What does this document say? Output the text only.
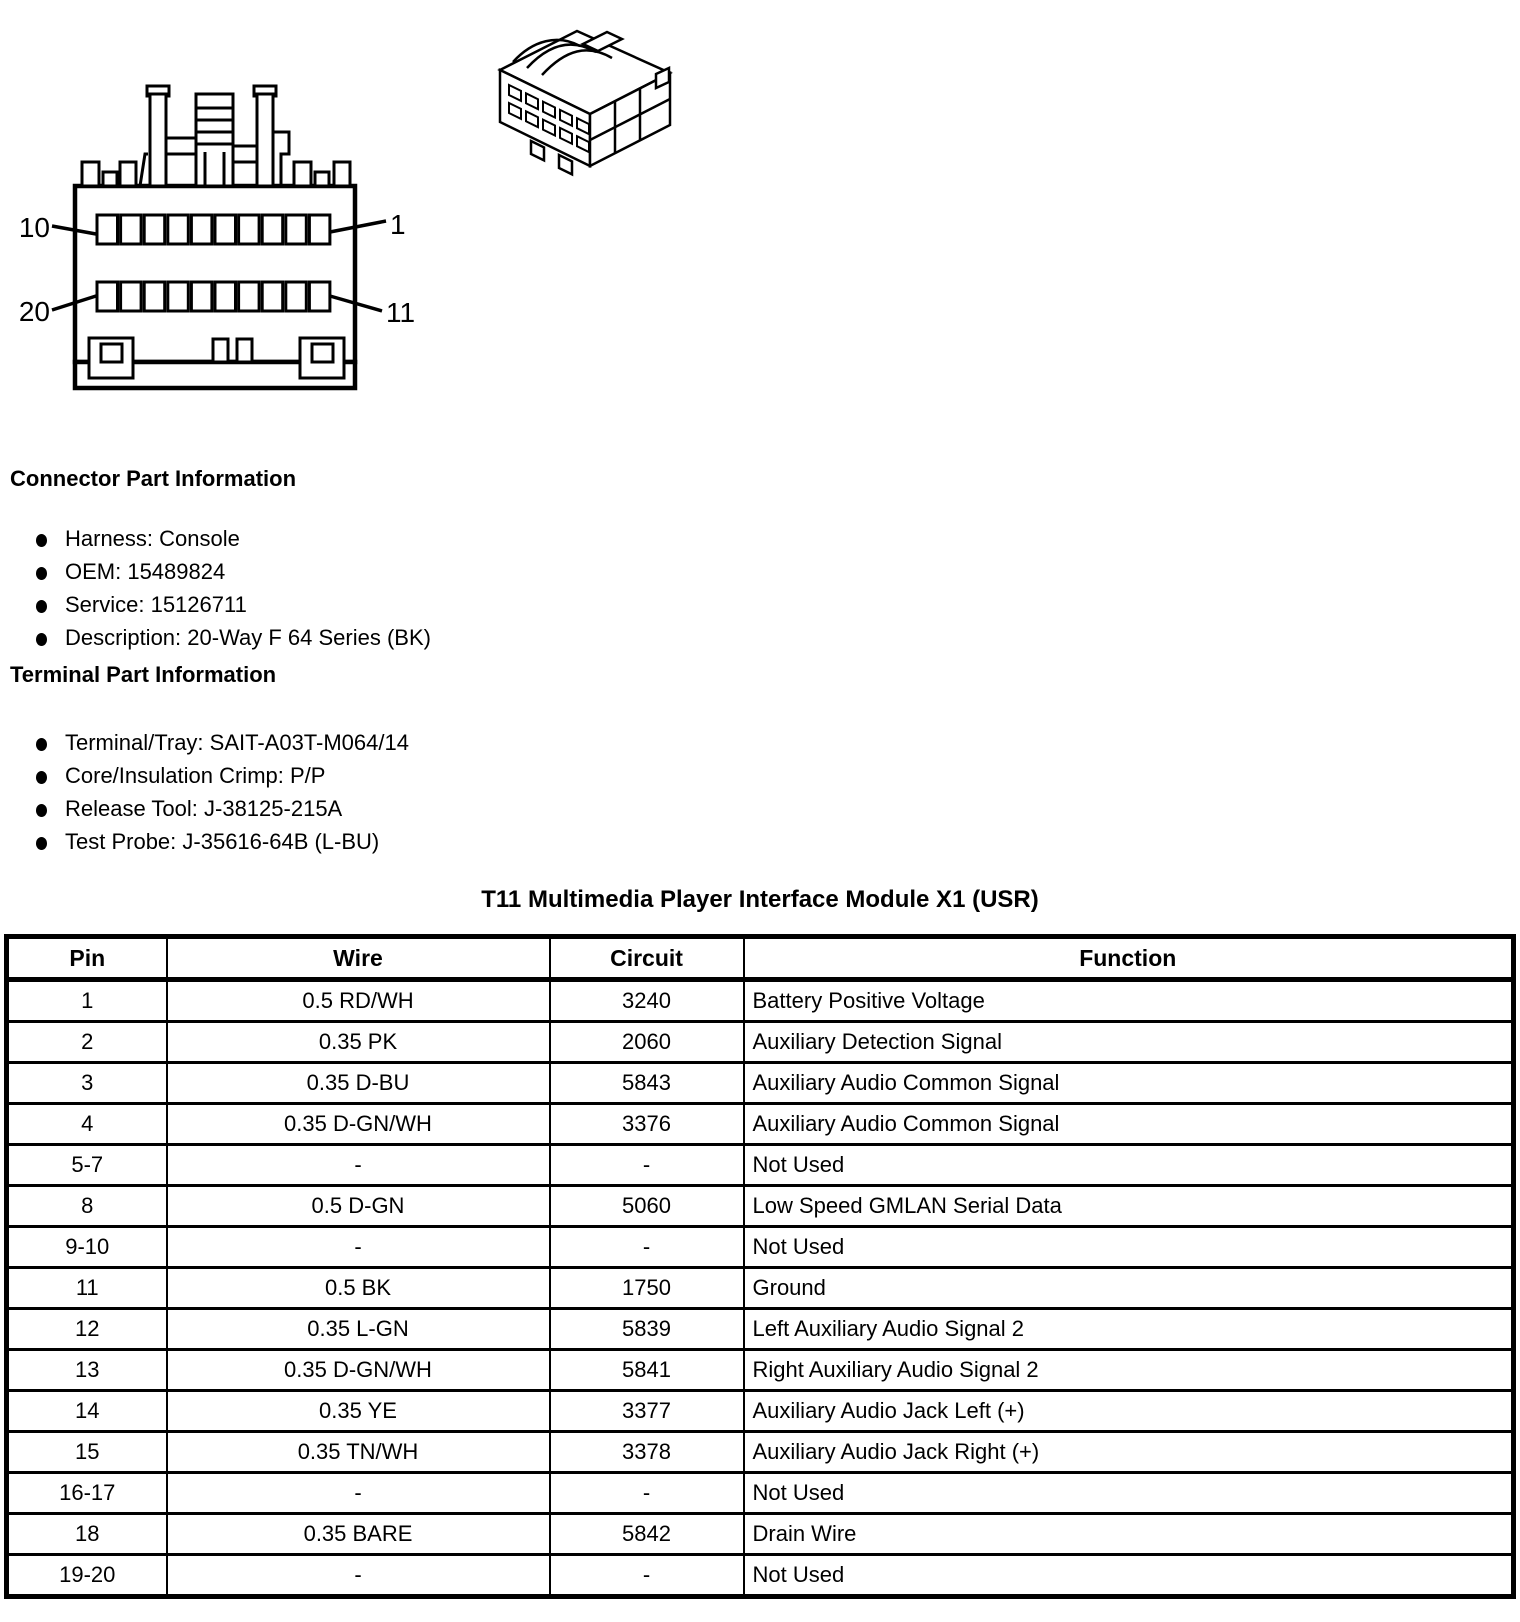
10	1
20	11
Connector Part Information
Harness: Console
OEM: 15489824
Service: 15126711
Description: 20-Way F 64 Series (BK)
Terminal Part Information
Terminal/Tray: SAIT-A03T-M064/14
Core/Insulation Crimp: P/P
Release Tool: J-38125-215A
Test Probe: J-35616-64B (L-BU)
T11 Multimedia Player Interface Module X1 (USR)
Pin	Wire	Circuit	Function
1	0.5 RD/WH	3240	Battery Positive Voltage
2	0.35 PK	2060	Auxiliary Detection Signal
3	0.35 D-BU	5843	Auxiliary Audio Common Signal
4	0.35 D-GN/WH	3376	Auxiliary Audio Common Signal
5-7	-	-	Not Used
8	0.5 D-GN	5060	Low Speed GMLAN Serial Data
9-10	-	-	Not Used
11	0.5 BK	1750	Ground
12	0.35 L-GN	5839	Left Auxiliary Audio Signal 2
13	0.35 D-GN/WH	5841	Right Auxiliary Audio Signal 2
14	0.35 YE	3377	Auxiliary Audio Jack Left (+)
15	0.35 TN/WH	3378	Auxiliary Audio Jack Right (+)
16-17	-	-	Not Used
18	0.35 BARE	5842	Drain Wire
19-20	-	-	Not Used
